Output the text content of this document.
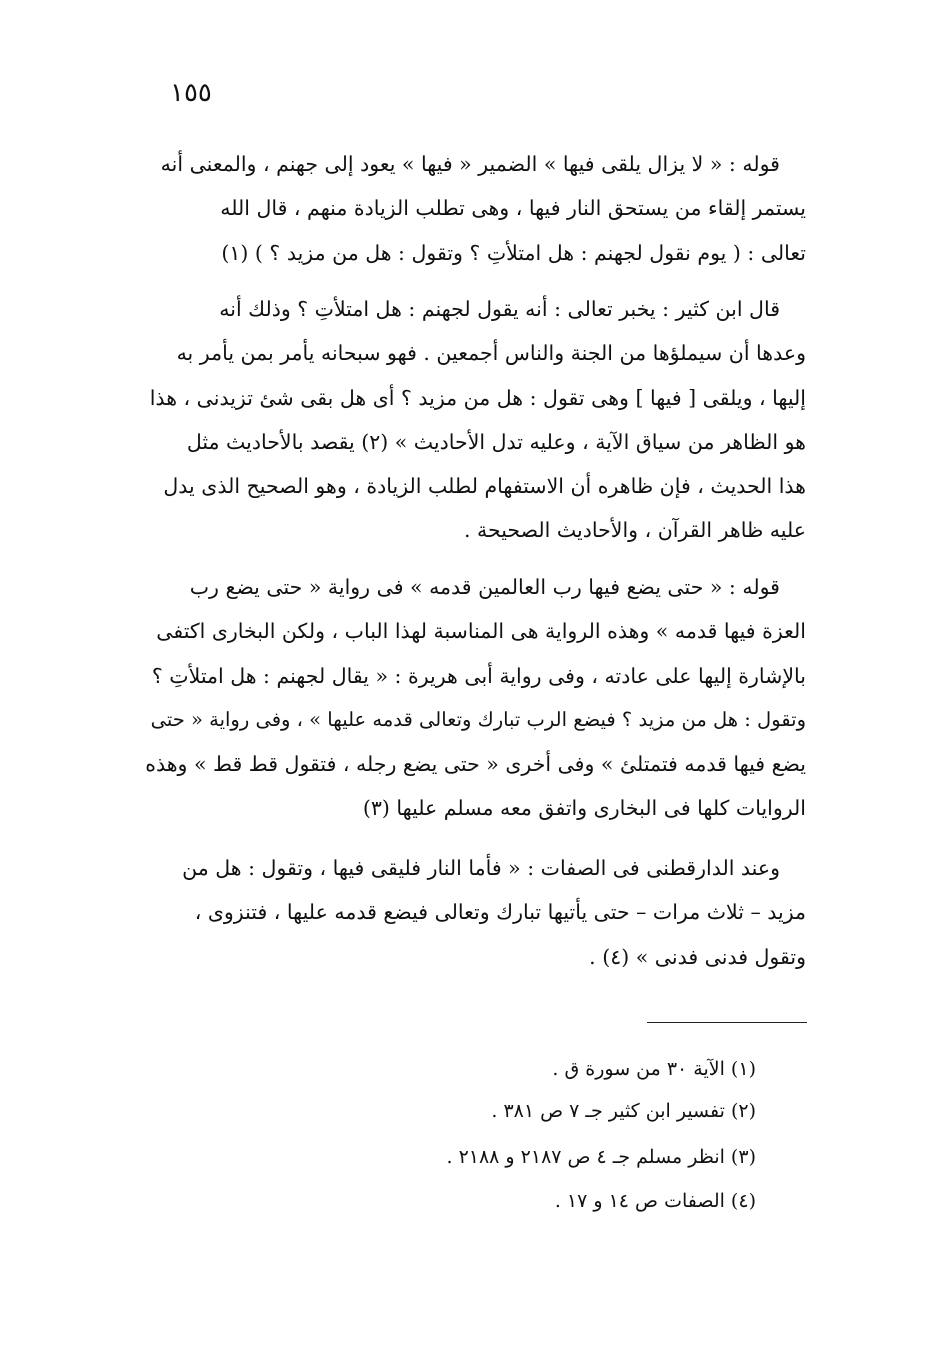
١٥٥
قوله : « لا يزال يلقى فيها » الضمير « فيها » يعود إلى جهنم ، والمعنى أنه
يستمر إلقاء من يستحق النار فيها ، وهى تطلب الزيادة منهم ، قال الله
تعالى : ( يوم نقول لجهنم : هل امتلأتِ ؟ وتقول : هل من مزيد ؟ ) (١)
قال ابن كثير : يخبر تعالى : أنه يقول لجهنم : هل امتلأتِ ؟ وذلك أنه
وعدها أن سيملؤها من الجنة والناس أجمعين . فهو سبحانه يأمر بمن يأمر به
إليها ، ويلقى [ فيها ] وهى تقول : هل من مزيد ؟ أى هل بقى شئ تزيدنى ، هذا
هو الظاهر من سياق الآية ، وعليه تدل الأحاديث » (٢) يقصد بالأحاديث مثل
هذا الحديث ، فإن ظاهره أن الاستفهام لطلب الزيادة ، وهو الصحيح الذى يدل
عليه ظاهر القرآن ، والأحاديث الصحيحة .
قوله : « حتى يضع فيها رب العالمين قدمه » فى رواية « حتى يضع رب
العزة فيها قدمه » وهذه الرواية هى المناسبة لهذا الباب ، ولكن البخارى اكتفى
بالإشارة إليها على عادته ، وفى رواية أبى هريرة : « يقال لجهنم : هل امتلأتِ ؟
وتقول : هل من مزيد ؟ فيضع الرب تبارك وتعالى قدمه عليها » ، وفى رواية « حتى
يضع فيها قدمه فتمتلئ » وفى أخرى « حتى يضع رجله ، فتقول قط قط » وهذه
الروايات كلها فى البخارى واتفق معه مسلم عليها (٣)
وعند الدارقطنى فى الصفات : « فأما النار فليقى فيها ، وتقول : هل من
مزيد – ثلاث مرات – حتى يأتيها تبارك وتعالى فيضع قدمه عليها ، فتنزوى ،
وتقول فدنى فدنى » (٤) .
(١) الآية ٣٠ من سورة ق .
(٢) تفسير ابن كثير جـ ٧ ص ٣٨١ .
(٣) انظر مسلم جـ ٤ ص ٢١٨٧ و ٢١٨٨ .
(٤) الصفات ص ١٤ و ١٧ .
